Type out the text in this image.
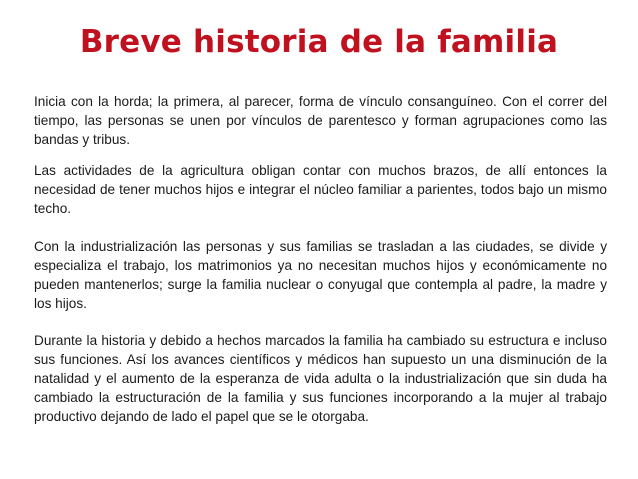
Breve historia de la familia

Inicia con la horda; la primera, al parecer, forma de vínculo consanguíneo. Con el correr del tiempo, las personas se unen por vínculos de parentesco y forman agrupaciones como las bandas y tribus.

Las actividades de la agricultura obligan contar con muchos brazos, de allí entonces la necesidad de tener muchos hijos e integrar el núcleo familiar a parientes, todos bajo un mismo techo.

Con la industrialización las personas y sus familias se trasladan a las ciudades, se divide y especializa el trabajo, los matrimonios ya no necesitan muchos hijos y económicamente no pueden mantenerlos; surge la familia nuclear o conyugal que contempla al padre, la madre y los hijos.

Durante la historia y debido a hechos marcados la familia ha cambiado su estructura e incluso sus funciones. Así los avances científicos y médicos han supuesto un una disminución de la natalidad y el aumento de la esperanza de vida adulta o la industrialización que sin duda ha cambiado la estructuración de la familia y sus funciones incorporando a la mujer al trabajo productivo dejando de lado el papel que se le otorgaba.
